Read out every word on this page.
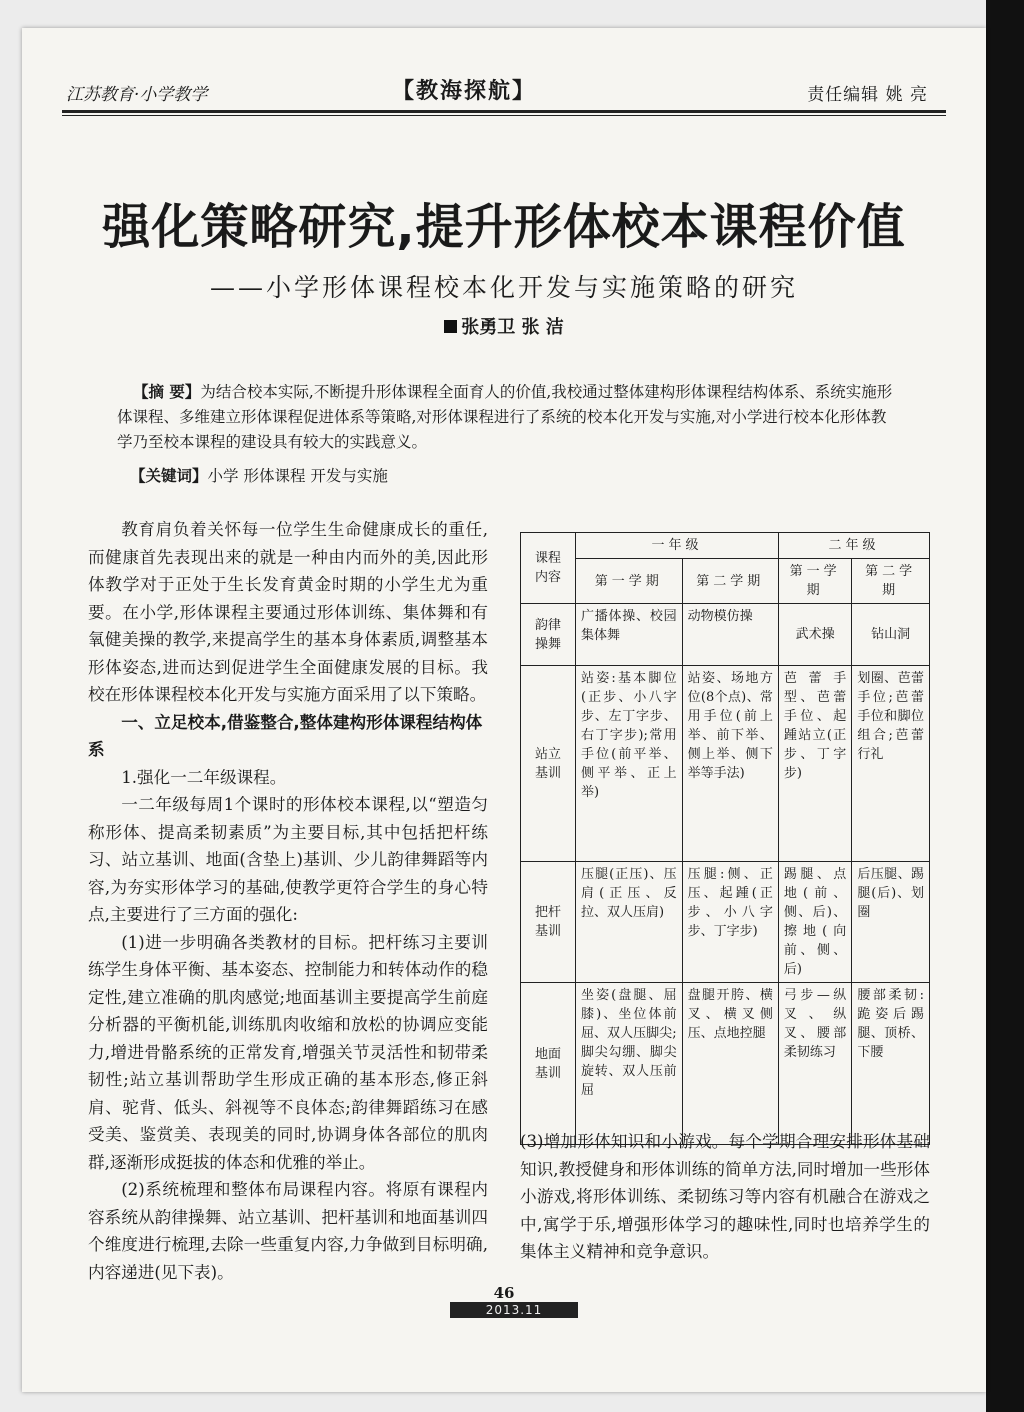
江苏教育·小学教学	【教海探航】	责任编辑 姚 亮
强化策略研究,提升形体校本课程价值
——小学形体课程校本化开发与实施策略的研究
张勇卫 张 洁

【摘 要】为结合校本实际,不断提升形体课程全面育人的价值,我校通过整体建构形体课程结构体系、系统实施形体课程、多维建立形体课程促进体系等策略,对形体课程进行了系统的校本化开发与实施,对小学进行校本化形体教学乃至校本课程的建设具有较大的实践意义。

【关键词】小学 形体课程 开发与实施

教育肩负着关怀每一位学生生命健康成长的重任,而健康首先表现出来的就是一种由内而外的美,因此形体教学对于正处于生长发育黄金时期的小学生尤为重要。在小学,形体课程主要通过形体训练、集体舞和有氧健美操的教学,来提高学生的基本身体素质,调整基本形体姿态,进而达到促进学生全面健康发展的目标。我校在形体课程校本化开发与实施方面采用了以下策略。

一、立足校本,借鉴整合,整体建构形体课程结构体系

1.强化一二年级课程。

一二年级每周1个课时的形体校本课程,以“塑造匀称形体、提高柔韧素质”为主要目标,其中包括把杆练习、站立基训、地面(含垫上)基训、少儿韵律舞蹈等内容,为夯实形体学习的基础,使教学更符合学生的身心特点,主要进行了三方面的强化:

(1)进一步明确各类教材的目标。把杆练习主要训练学生身体平衡、基本姿态、控制能力和转体动作的稳定性,建立准确的肌肉感觉;地面基训主要提高学生前庭分析器的平衡机能,训练肌肉收缩和放松的协调应变能力,增进骨骼系统的正常发育,增强关节灵活性和韧带柔韧性;站立基训帮助学生形成正确的基本形态,修正斜肩、驼背、低头、斜视等不良体态;韵律舞蹈练习在感受美、鉴赏美、表现美的同时,协调身体各部位的肌肉群,逐渐形成挺拔的体态和优雅的举止。

(2)系统梳理和整体布局课程内容。将原有课程内容系统从韵律操舞、站立基训、把杆基训和地面基训四个维度进行梳理,去除一些重复内容,力争做到目标明确,内容递进(见下表)。

课程
内容	一年级		二年级	
	第一学期	第二学期	第一学期	第二学期
韵律
操舞	广播体操、校园集体舞	动物模仿操	武术操	钻山洞
站立
基训	站姿:基本脚位(正步、小八字步、左丁字步、右丁字步);常用手位(前平举、侧平举、正上举)	站姿、场地方位(8个点)、常用手位(前上举、前下举、侧上举、侧下举等手法)	芭蕾手型、芭蕾手位、起踵站立(正步、丁字步)	划圈、芭蕾手位;芭蕾手位和脚位组合;芭蕾行礼
把杆
基训	压腿(正压)、压肩(正压、反拉、双人压肩)	压腿:侧、正压、起踵(正步、小八字步、丁字步)	踢腿、点地(前、侧、后)、擦地(向前、侧、后)	后压腿、踢腿(后)、划圈
地面
基训	坐姿(盘腿、屈膝)、坐位体前屈、双人压脚尖;脚尖勾绷、脚尖旋转、双人压前屈	盘腿开胯、横叉、横叉侧压、点地控腿	弓步—纵叉、纵叉、腰部柔韧练习	腰部柔韧:跪姿后踢腿、顶桥、下腰

(3)增加形体知识和小游戏。每个学期合理安排形体基础知识,教授健身和形体训练的简单方法,同时增加一些形体小游戏,将形体训练、柔韧练习等内容有机融合在游戏之中,寓学于乐,增强形体学习的趣味性,同时也培养学生的集体主义精神和竞争意识。

46
2013.11
